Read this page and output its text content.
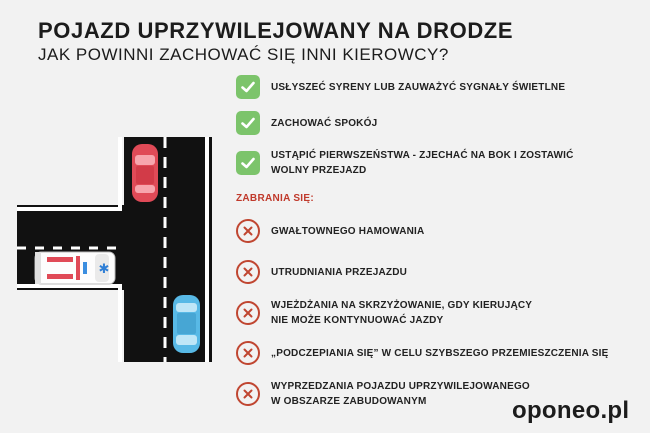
POJAZD UPRZYWILEJOWANY NA DRODZE
JAK POWINNI ZACHOWAĆ SIĘ INNI KIEROWCY?
✱
USŁYSZEĆ SYRENY LUB ZAUWAŻYĆ SYGNAŁY ŚWIETLNE
ZACHOWAĆ SPOKÓJ
USTĄPIĆ PIERWSZEŃSTWA - ZJECHAĆ NA BOK I ZOSTAWIĆ
WOLNY PRZEJAZD
ZABRANIA SIĘ:
GWAŁTOWNEGO HAMOWANIA
UTRUDNIANIA PRZEJAZDU
WJEŻDŻANIA NA SKRZYŻOWANIE, GDY KIERUJĄCY
NIE MOŻE KONTYNUOWAĆ JAZDY
„PODCZEPIANIA SIĘ” W CELU SZYBSZEGO PRZEMIESZCZENIA SIĘ
WYPRZEDZANIA POJAZDU UPRZYWILEJOWANEGO
W OBSZARZE ZABUDOWANYM	oponeo.pl
